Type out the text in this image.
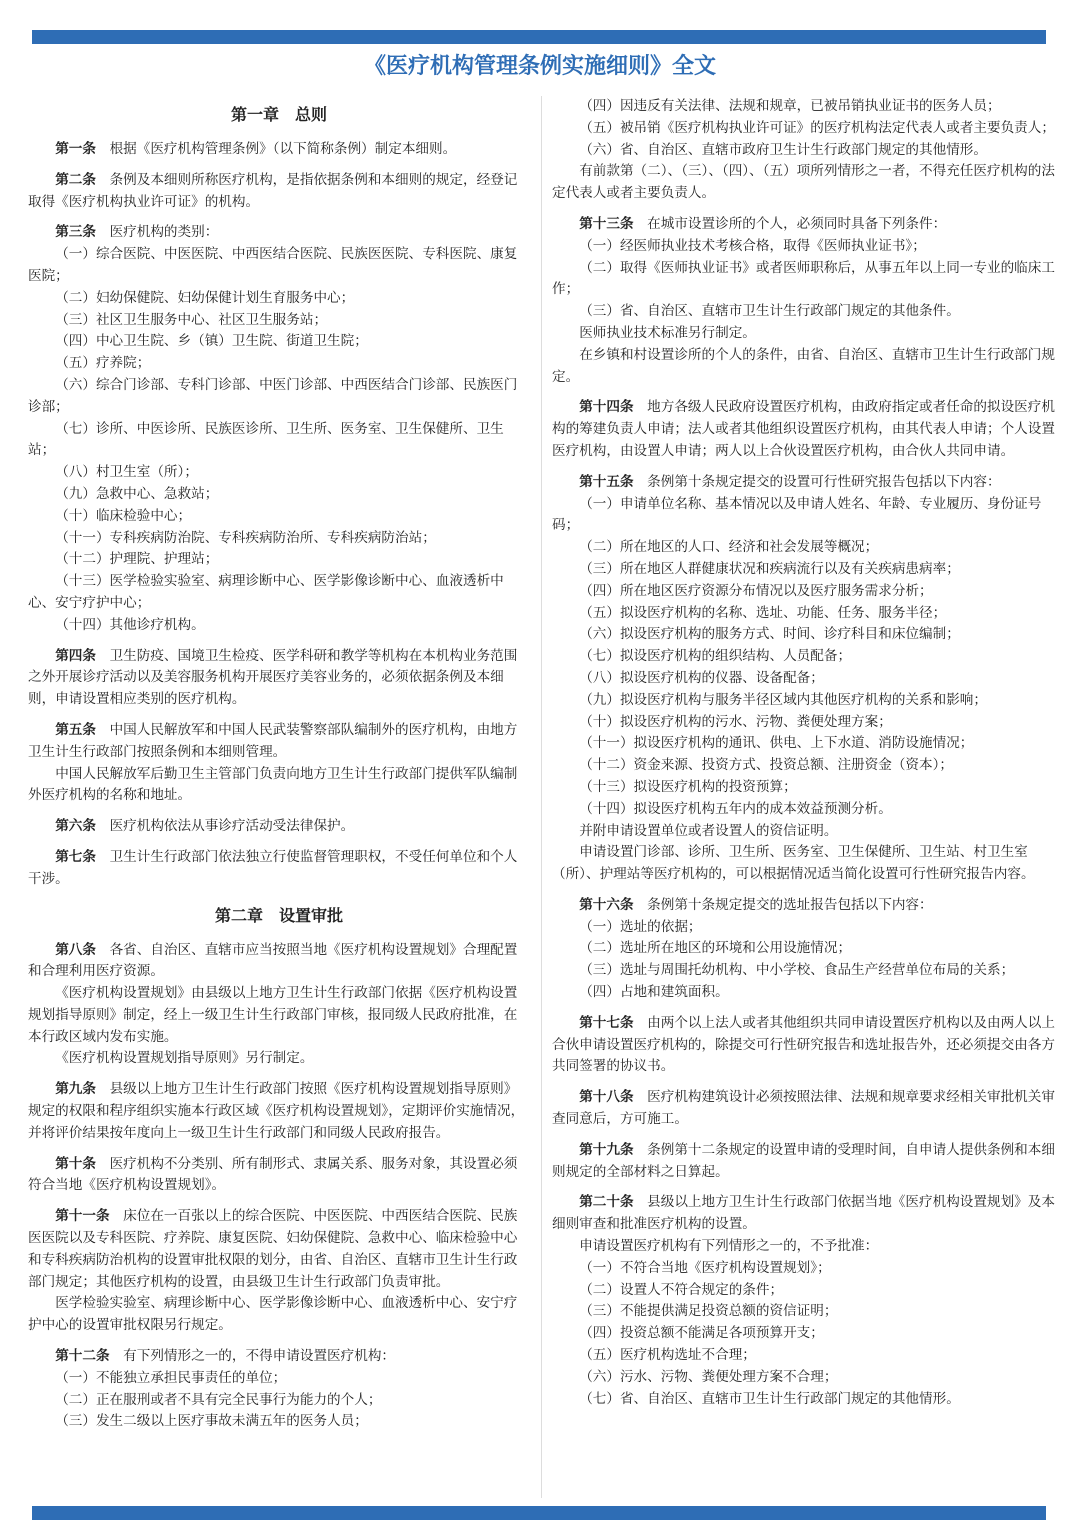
《医疗机构管理条例实施细则》全文
第一章　总则

第一条　 根据《医疗机构管理条例》（以下简称条例）制定本细则。

第二条　 条例及本细则所称医疗机构，是指依据条例和本细则的规定，经登记取得《医疗机构执业许可证》的机构。

第三条　 医疗机构的类别：

（一）综合医院、中医医院、中西医结合医院、民族医医院、专科医院、康复医院；

（二）妇幼保健院、妇幼保健计划生育服务中心；

（三）社区卫生服务中心、社区卫生服务站；

（四）中心卫生院、乡（镇）卫生院、街道卫生院；

（五）疗养院；

（六）综合门诊部、专科门诊部、中医门诊部、中西医结合门诊部、民族医门诊部；

（七）诊所、中医诊所、民族医诊所、卫生所、医务室、卫生保健所、卫生站；

（八）村卫生室（所）；

（九）急救中心、急救站；

（十）临床检验中心；

（十一）专科疾病防治院、专科疾病防治所、专科疾病防治站；

（十二）护理院、护理站；

（十三）医学检验实验室、病理诊断中心、医学影像诊断中心、血液透析中心、安宁疗护中心；

（十四）其他诊疗机构。

第四条　 卫生防疫、国境卫生检疫、医学科研和教学等机构在本机构业务范围之外开展诊疗活动以及美容服务机构开展医疗美容业务的，必须依据条例及本细则，申请设置相应类别的医疗机构。

第五条　 中国人民解放军和中国人民武装警察部队编制外的医疗机构，由地方卫生计生行政部门按照条例和本细则管理。

中国人民解放军后勤卫生主管部门负责向地方卫生计生行政部门提供军队编制外医疗机构的名称和地址。

第六条　 医疗机构依法从事诊疗活动受法律保护。

第七条　 卫生计生行政部门依法独立行使监督管理职权，不受任何单位和个人干涉。

第二章　设置审批

第八条　 各省、自治区、直辖市应当按照当地《医疗机构设置规划》合理配置和合理利用医疗资源。

《医疗机构设置规划》由县级以上地方卫生计生行政部门依据《医疗机构设置规划指导原则》制定，经上一级卫生计生行政部门审核，报同级人民政府批准，在本行政区域内发布实施。

《医疗机构设置规划指导原则》另行制定。

第九条　 县级以上地方卫生计生行政部门按照《医疗机构设置规划指导原则》规定的权限和程序组织实施本行政区域《医疗机构设置规划》，定期评价实施情况，并将评价结果按年度向上一级卫生计生行政部门和同级人民政府报告。

第十条　 医疗机构不分类别、所有制形式、隶属关系、服务对象，其设置必须符合当地《医疗机构设置规划》。

第十一条　 床位在一百张以上的综合医院、中医医院、中西医结合医院、民族医医院以及专科医院、疗养院、康复医院、妇幼保健院、急救中心、临床检验中心和专科疾病防治机构的设置审批权限的划分，由省、自治区、直辖市卫生计生行政部门规定；其他医疗机构的设置，由县级卫生计生行政部门负责审批。

医学检验实验室、病理诊断中心、医学影像诊断中心、血液透析中心、安宁疗护中心的设置审批权限另行规定。

第十二条　 有下列情形之一的，不得申请设置医疗机构：

（一）不能独立承担民事责任的单位；

（二）正在服刑或者不具有完全民事行为能力的个人；

（三）发生二级以上医疗事故未满五年的医务人员；

（四）因违反有关法律、法规和规章，已被吊销执业证书的医务人员；

（五）被吊销《医疗机构执业许可证》的医疗机构法定代表人或者主要负责人；

（六）省、自治区、直辖市政府卫生计生行政部门规定的其他情形。

有前款第（二）、（三）、（四）、（五）项所列情形之一者，不得充任医疗机构的法定代表人或者主要负责人。

第十三条　 在城市设置诊所的个人，必须同时具备下列条件：

（一）经医师执业技术考核合格，取得《医师执业证书》；

（二）取得《医师执业证书》或者医师职称后，从事五年以上同一专业的临床工作；

（三）省、自治区、直辖市卫生计生行政部门规定的其他条件。

医师执业技术标准另行制定。

在乡镇和村设置诊所的个人的条件，由省、自治区、直辖市卫生计生行政部门规定。

第十四条　 地方各级人民政府设置医疗机构，由政府指定或者任命的拟设医疗机构的筹建负责人申请；法人或者其他组织设置医疗机构，由其代表人申请；个人设置医疗机构，由设置人申请；两人以上合伙设置医疗机构，由合伙人共同申请。

第十五条　 条例第十条规定提交的设置可行性研究报告包括以下内容：

（一）申请单位名称、基本情况以及申请人姓名、年龄、专业履历、身份证号码；

（二）所在地区的人口、经济和社会发展等概况；

（三）所在地区人群健康状况和疾病流行以及有关疾病患病率；

（四）所在地区医疗资源分布情况以及医疗服务需求分析；

（五）拟设医疗机构的名称、选址、功能、任务、服务半径；

（六）拟设医疗机构的服务方式、时间、诊疗科目和床位编制；

（七）拟设医疗机构的组织结构、人员配备；

（八）拟设医疗机构的仪器、设备配备；

（九）拟设医疗机构与服务半径区域内其他医疗机构的关系和影响；

（十）拟设医疗机构的污水、污物、粪便处理方案；

（十一）拟设医疗机构的通讯、供电、上下水道、消防设施情况；

（十二）资金来源、投资方式、投资总额、注册资金（资本）；

（十三）拟设医疗机构的投资预算；

（十四）拟设医疗机构五年内的成本效益预测分析。

并附申请设置单位或者设置人的资信证明。

申请设置门诊部、诊所、卫生所、医务室、卫生保健所、卫生站、村卫生室（所）、护理站等医疗机构的，可以根据情况适当简化设置可行性研究报告内容。

第十六条　 条例第十条规定提交的选址报告包括以下内容：

（一）选址的依据；

（二）选址所在地区的环境和公用设施情况；

（三）选址与周围托幼机构、中小学校、食品生产经营单位布局的关系；

（四）占地和建筑面积。

第十七条　 由两个以上法人或者其他组织共同申请设置医疗机构以及由两人以上合伙申请设置医疗机构的，除提交可行性研究报告和选址报告外，还必须提交由各方共同签署的协议书。

第十八条　 医疗机构建筑设计必须按照法律、法规和规章要求经相关审批机关审查同意后，方可施工。

第十九条　 条例第十二条规定的设置申请的受理时间，自申请人提供条例和本细则规定的全部材料之日算起。

第二十条　 县级以上地方卫生计生行政部门依据当地《医疗机构设置规划》及本细则审查和批准医疗机构的设置。

申请设置医疗机构有下列情形之一的，不予批准：

（一）不符合当地《医疗机构设置规划》；

（二）设置人不符合规定的条件；

（三）不能提供满足投资总额的资信证明；

（四）投资总额不能满足各项预算开支；

（五）医疗机构选址不合理；

（六）污水、污物、粪便处理方案不合理；

（七）省、自治区、直辖市卫生计生行政部门规定的其他情形。
